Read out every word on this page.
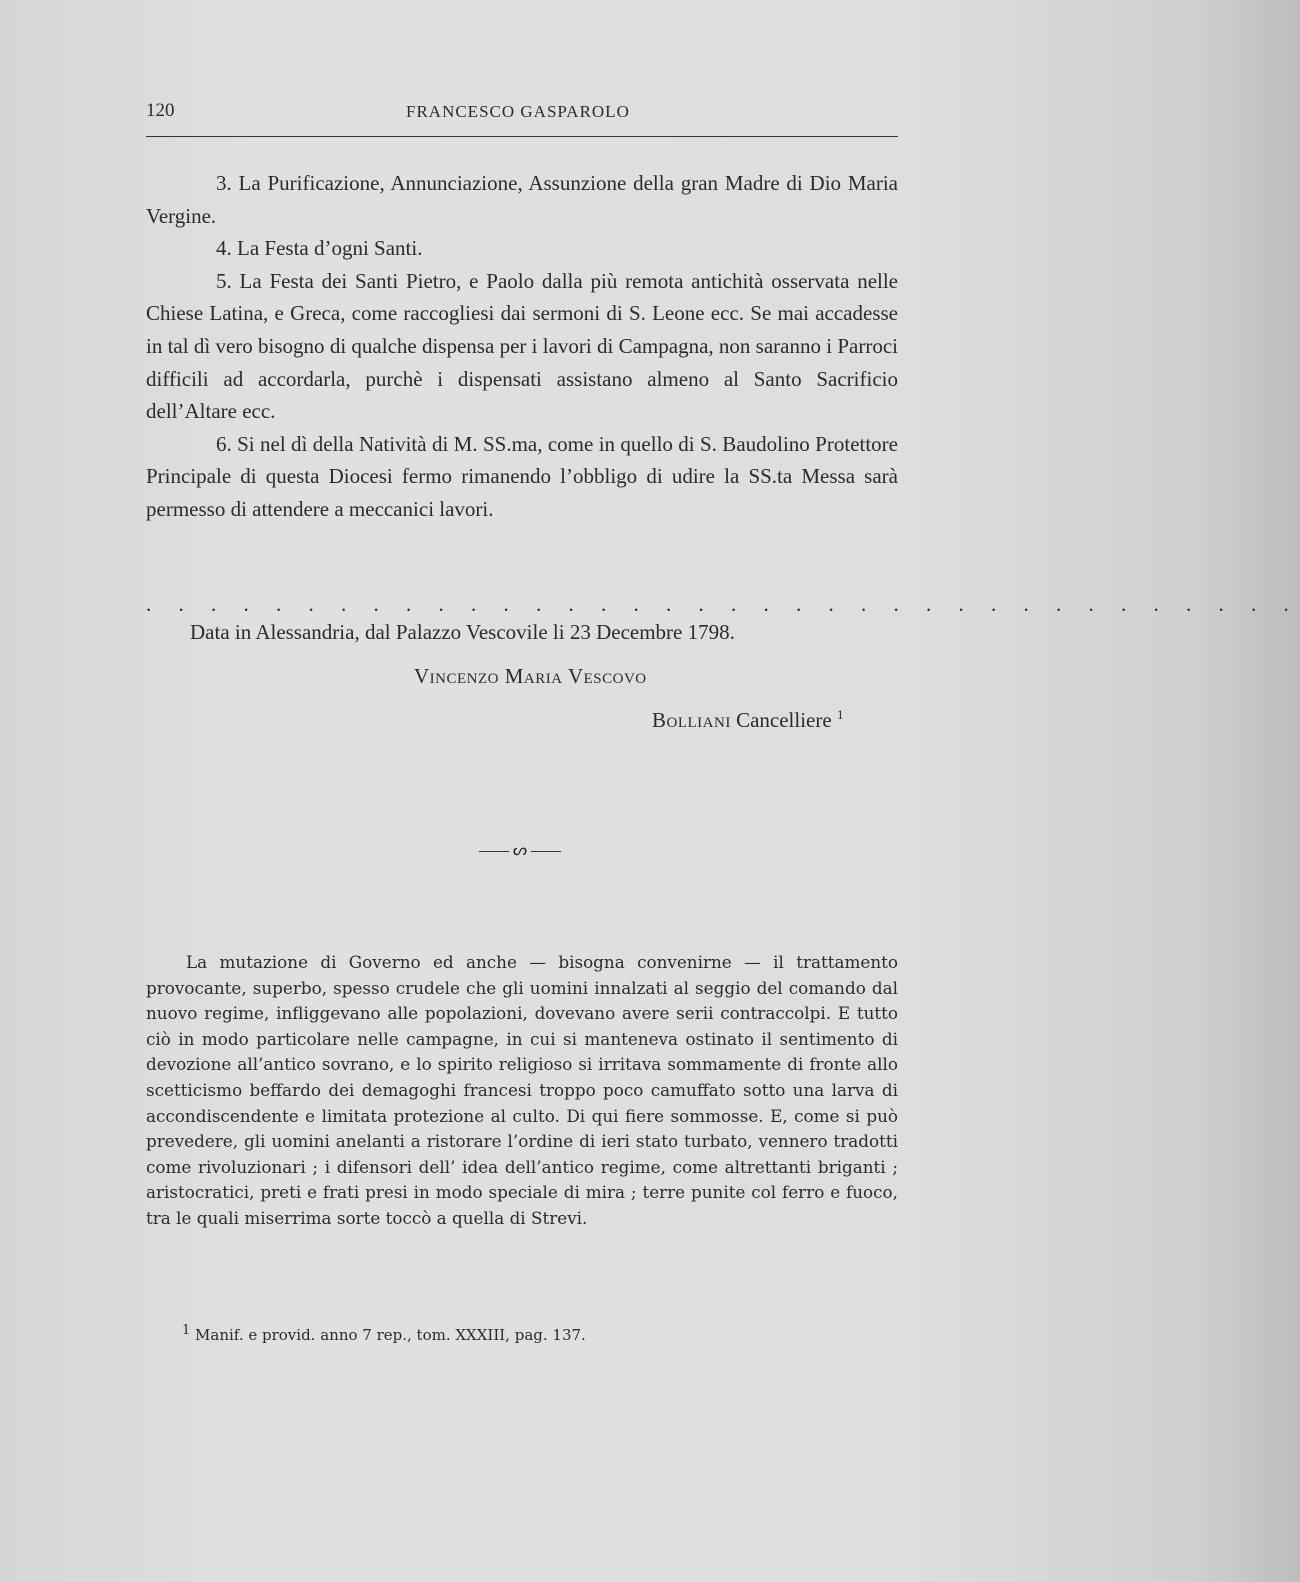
120	FRANCESCO GASPAROLO

3. La Purificazione, Annunciazione, Assunzione della gran Madre di Dio Maria Vergine.

4. La Festa d’ogni Santi.

5. La Festa dei Santi Pietro, e Paolo dalla più remota antichità osservata nelle Chiese Latina, e Greca, come raccogliesi dai sermoni di S. Leone ecc. Se mai accadesse in tal dì vero bisogno di qualche dispensa per i lavori di Campagna, non saranno i Parroci difficili ad accordarla, purchè i dispensati assistano almeno al Santo Sacrificio dell’Altare ecc.

6. Si nel dì della Natività di M. SS.ma, come in quello di S. Baudolino Protettore Principale di questa Diocesi fermo rimanendo l’obbligo di udire la SS.ta Messa sarà permesso di attendere a meccanici lavori.

. . . . . . . . . . . . . . . . . . . . . . . . . . . . . . . . . . . .
Data in Alessandria, dal Palazzo Vescovile li 23 Decembre 1798.
Vincenzo Maria Vescovo
Bolliani Cancelliere $^1$
ᔕ

La mutazione di Governo ed anche — bisogna convenirne — il trattamento provocante, superbo, spesso crudele che gli uomini innalzati al seggio del comando dal nuovo regime, infliggevano alle popolazioni, dovevano avere serii contraccolpi. E tutto ciò in modo particolare nelle campagne, in cui si manteneva ostinato il sentimento di devozione all’antico sovrano, e lo spirito religioso si irritava sommamente di fronte allo scetticismo beffardo dei demagoghi francesi troppo poco camuffato sotto una larva di accondiscendente e limitata protezione al culto. Di qui fiere sommosse. E, come si può prevedere, gli uomini anelanti a ristorare l’ordine di ieri stato turbato, vennero tradotti come rivoluzionari ; i difensori dell’ idea dell’antico regime, come altrettanti briganti ; aristocratici, preti e frati presi in modo speciale di mira ; terre punite col ferro e fuoco, tra le quali miserrima sorte toccò a quella di Strevi.

1 Manif. e provid. anno 7 rep., tom. XXXIII, pag. 137.
